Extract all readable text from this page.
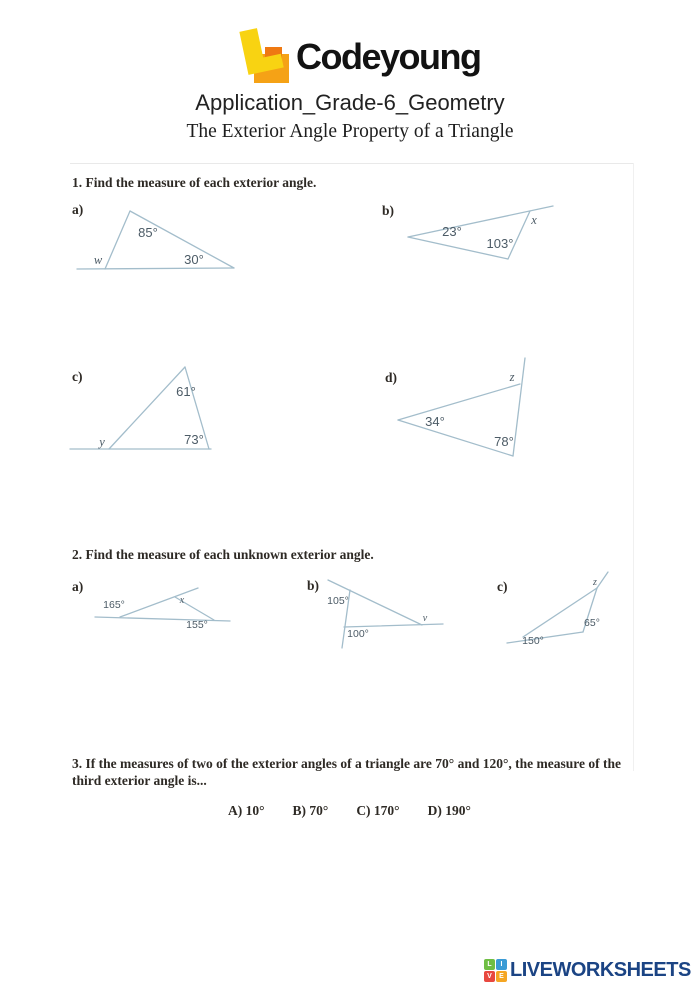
Codeyoung
Application_Grade-6_Geometry
The Exterior Angle Property of a Triangle
1. Find the measure of each exterior angle.
a)
85°
30°
w
b)
23°
103°
x
c)
61°
73°
y
d)
34°
78°
z
2. Find the measure of each unknown exterior angle.
a)
165°	x
155°
b)
105°
100°
v
c)
150°
65°
z
3. If the measures of two of the exterior angles of a triangle are 70° and 120°, the measure of the third exterior angle is...
A) 10° B) 70° C) 170° D) 190°
L	I
V	E LIVEWORKSHEETS
